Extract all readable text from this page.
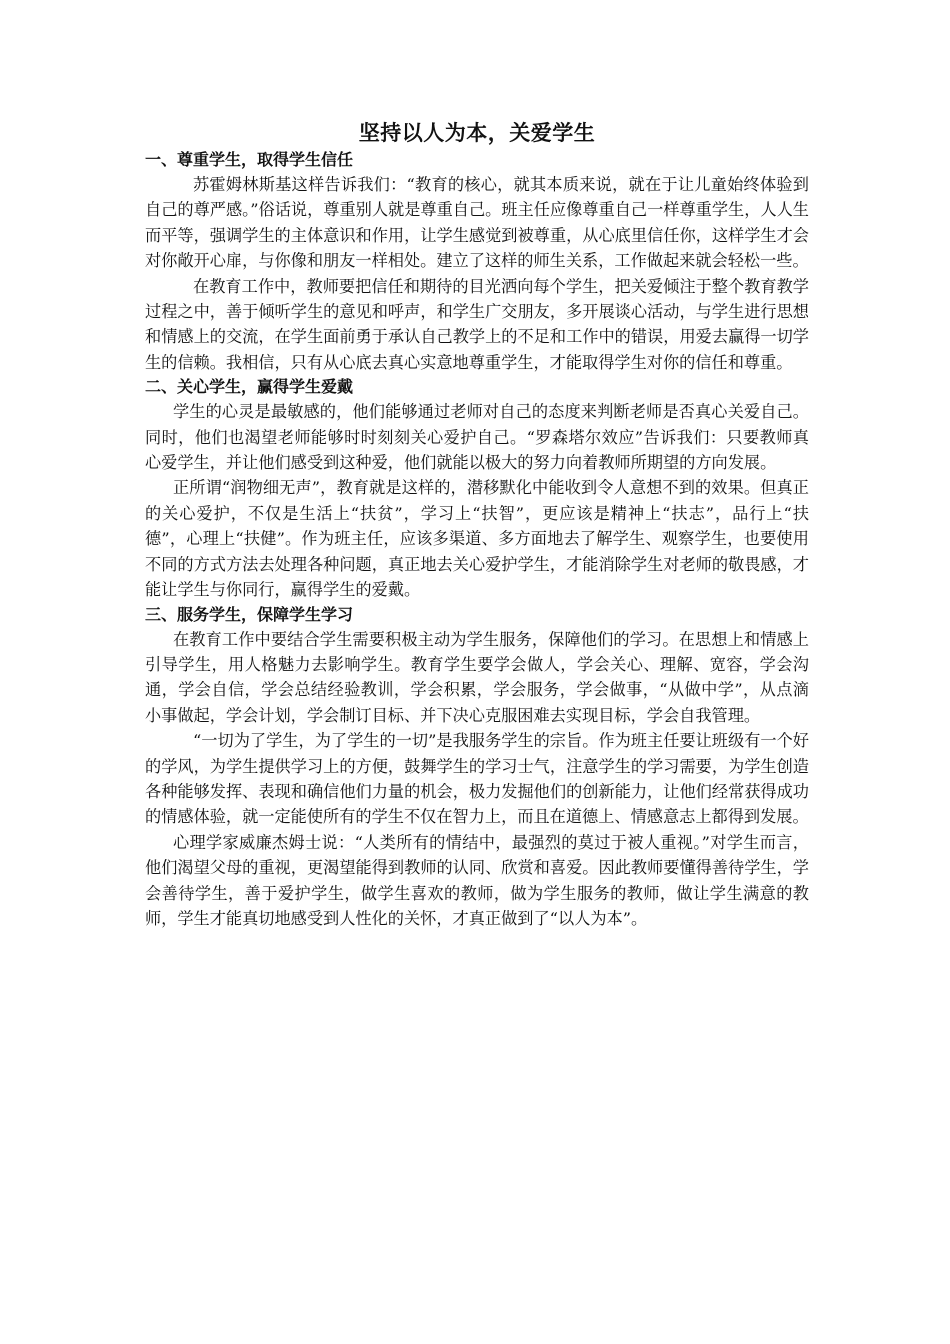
坚持以人为本，关爱学生
一、尊重学生，取得学生信任

苏霍姆林斯基这样告诉我们：“教育的核心，就其本质来说，就在于让儿童始终体验到自己的尊严感。”俗话说，尊重别人就是尊重自己。班主任应像尊重自己一样尊重学生，人人生而平等，强调学生的主体意识和作用，让学生感觉到被尊重，从心底里信任你，这样学生才会对你敞开心扉，与你像和朋友一样相处。建立了这样的师生关系，工作做起来就会轻松一些。

在教育工作中，教师要把信任和期待的目光洒向每个学生，把关爱倾注于整个教育教学过程之中，善于倾听学生的意见和呼声，和学生广交朋友，多开展谈心活动，与学生进行思想和情感上的交流，在学生面前勇于承认自己教学上的不足和工作中的错误，用爱去赢得一切学生的信赖。我相信，只有从心底去真心实意地尊重学生，才能取得学生对你的信任和尊重。

二、关心学生，赢得学生爱戴

学生的心灵是最敏感的，他们能够通过老师对自己的态度来判断老师是否真心关爱自己。同时，他们也渴望老师能够时时刻刻关心爱护自己。“罗森塔尔效应”告诉我们：只要教师真心爱学生，并让他们感受到这种爱，他们就能以极大的努力向着教师所期望的方向发展。

正所谓“润物细无声”，教育就是这样的，潜移默化中能收到令人意想不到的效果。但真正的关心爱护，不仅是生活上“扶贫”，学习上“扶智”，更应该是精神上“扶志”，品行上“扶德”，心理上“扶健”。作为班主任，应该多渠道、多方面地去了解学生、观察学生，也要使用不同的方式方法去处理各种问题，真正地去关心爱护学生，才能消除学生对老师的敬畏感，才能让学生与你同行，赢得学生的爱戴。

三、服务学生，保障学生学习

在教育工作中要结合学生需要积极主动为学生服务，保障他们的学习。在思想上和情感上引导学生，用人格魅力去影响学生。教育学生要学会做人，学会关心、理解、宽容，学会沟通，学会自信，学会总结经验教训，学会积累，学会服务，学会做事，“从做中学”，从点滴小事做起，学会计划，学会制订目标、并下决心克服困难去实现目标，学会自我管理。

“一切为了学生，为了学生的一切”是我服务学生的宗旨。作为班主任要让班级有一个好的学风，为学生提供学习上的方便，鼓舞学生的学习士气，注意学生的学习需要，为学生创造各种能够发挥、表现和确信他们力量的机会，极力发掘他们的创新能力，让他们经常获得成功的情感体验，就一定能使所有的学生不仅在智力上，而且在道德上、情感意志上都得到发展。

心理学家威廉杰姆士说：“人类所有的情结中，最强烈的莫过于被人重视。”对学生而言，他们渴望父母的重视，更渴望能得到教师的认同、欣赏和喜爱。因此教师要懂得善待学生，学会善待学生，善于爱护学生，做学生喜欢的教师，做为学生服务的教师，做让学生满意的教师，学生才能真切地感受到人性化的关怀，才真正做到了“以人为本”。
